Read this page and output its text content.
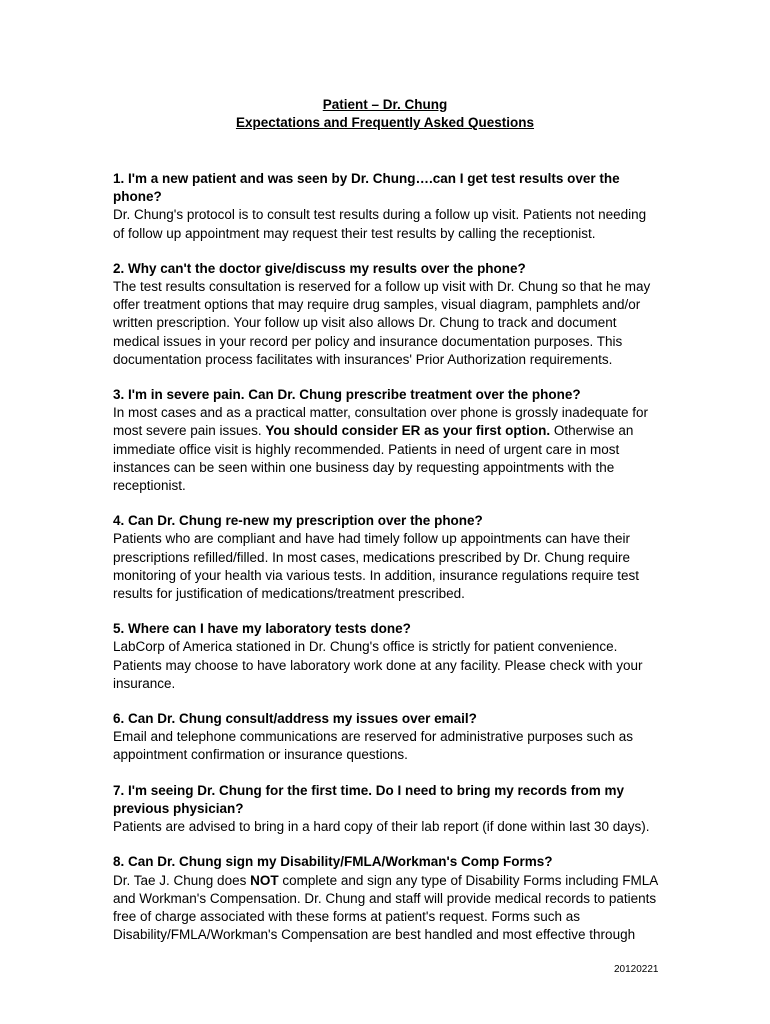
Patient – Dr. Chung
Expectations and Frequently Asked Questions
1. I'm a new patient and was seen by Dr. Chung….can I get test results over the phone?
Dr. Chung's protocol is to consult test results during a follow up visit. Patients not needing of follow up appointment may request their test results by calling the receptionist.
2. Why can't the doctor give/discuss my results over the phone?
The test results consultation is reserved for a follow up visit with Dr. Chung so that he may offer treatment options that may require drug samples, visual diagram, pamphlets and/or written prescription. Your follow up visit also allows Dr. Chung to track and document medical issues in your record per policy and insurance documentation purposes. This documentation process facilitates with insurances' Prior Authorization requirements.
3. I'm in severe pain. Can Dr. Chung prescribe treatment over the phone?
In most cases and as a practical matter, consultation over phone is grossly inadequate for most severe pain issues. You should consider ER as your first option. Otherwise an immediate office visit is highly recommended. Patients in need of urgent care in most instances can be seen within one business day by requesting appointments with the receptionist.
4. Can Dr. Chung re-new my prescription over the phone?
Patients who are compliant and have had timely follow up appointments can have their prescriptions refilled/filled. In most cases, medications prescribed by Dr. Chung require monitoring of your health via various tests. In addition, insurance regulations require test results for justification of medications/treatment prescribed.
5. Where can I have my laboratory tests done?
LabCorp of America stationed in Dr. Chung's office is strictly for patient convenience. Patients may choose to have laboratory work done at any facility. Please check with your insurance.
6. Can Dr. Chung consult/address my issues over email?
Email and telephone communications are reserved for administrative purposes such as appointment confirmation or insurance questions.
7. I'm seeing Dr. Chung for the first time. Do I need to bring my records from my previous physician?
Patients are advised to bring in a hard copy of their lab report (if done within last 30 days).
8. Can Dr. Chung sign my Disability/FMLA/Workman's Comp Forms?
Dr. Tae J. Chung does NOT complete and sign any type of Disability Forms including FMLA and Workman's Compensation. Dr. Chung and staff will provide medical records to patients free of charge associated with these forms at patient's request. Forms such as Disability/FMLA/Workman's Compensation are best handled and most effective through
20120221
